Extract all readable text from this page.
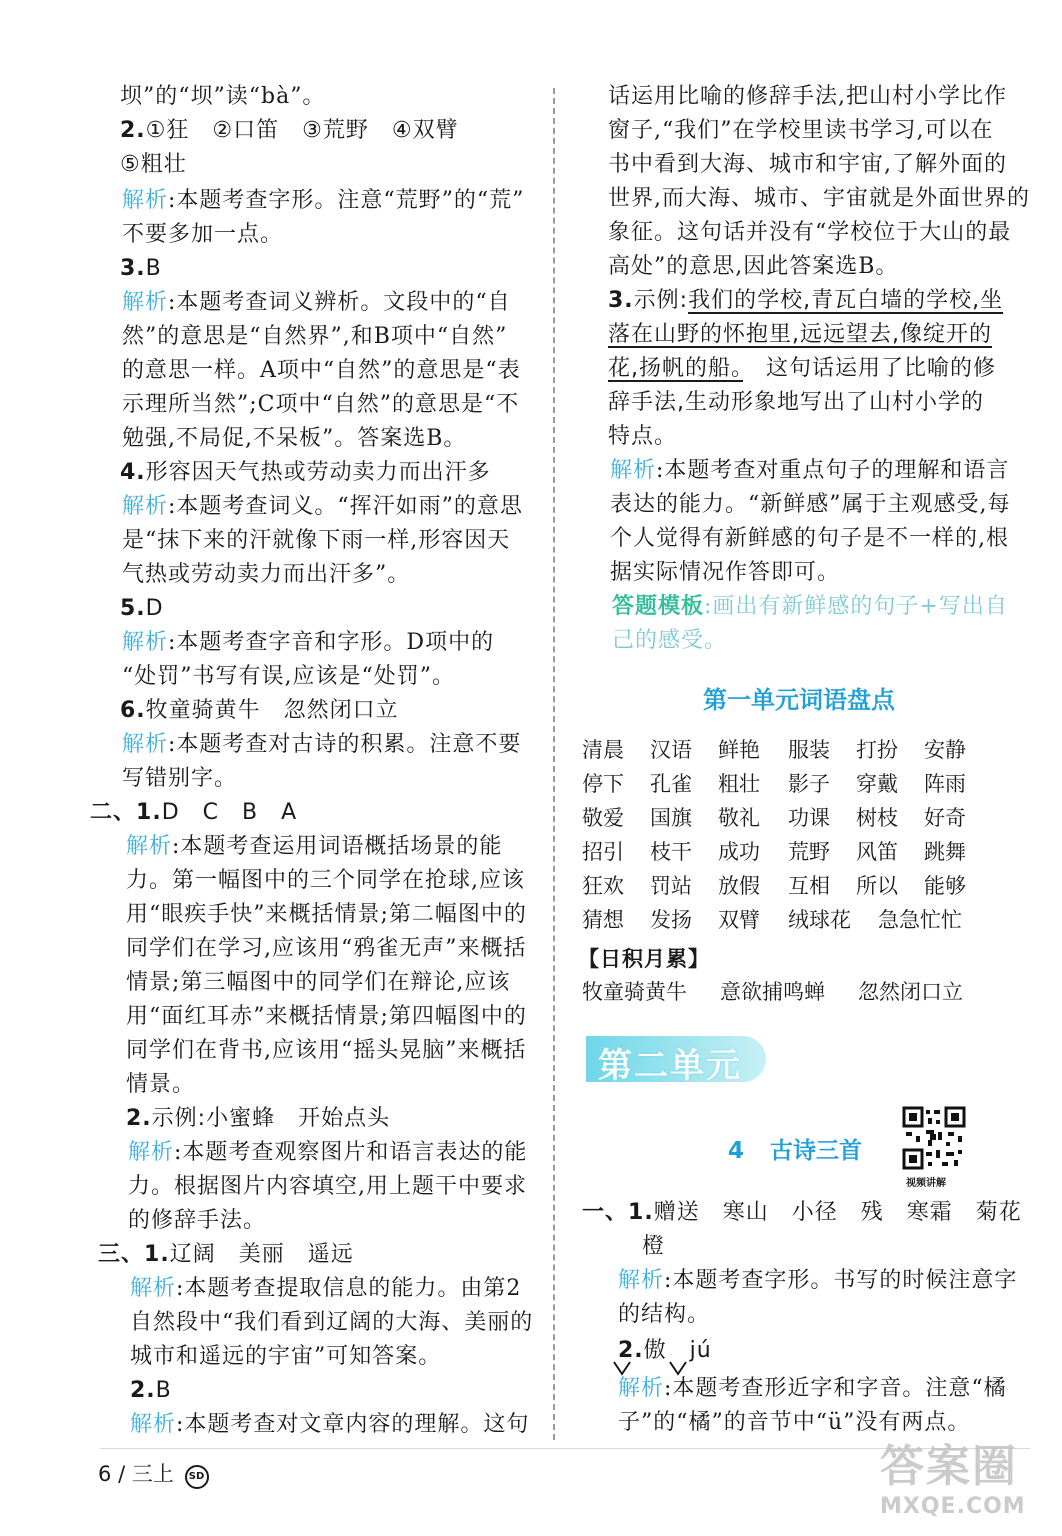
坝”的“坝”读“bà”。
2.①狂　②口笛　③荒野　④双臂
⑤粗壮
解析:本题考查字形。注意“荒野”的“荒”
不要多加一点。
3.B
解析:本题考查词义辨析。文段中的“自
然”的意思是“自然界”,和B项中“自然”
的意思一样。A项中“自然”的意思是“表
示理所当然”;C项中“自然”的意思是“不
勉强,不局促,不呆板”。答案选B。
4.形容因天气热或劳动卖力而出汗多
解析:本题考查词义。“挥汗如雨”的意思
是“抹下来的汗就像下雨一样,形容因天
气热或劳动卖力而出汗多”。
5.D
解析:本题考查字音和字形。D项中的
“处罚”书写有误,应该是“处罚”。
6.牧童骑黄牛　忽然闭口立
解析:本题考查对古诗的积累。注意不要
写错别字。
二、1.D　C　B　A
解析:本题考查运用词语概括场景的能
力。第一幅图中的三个同学在抢球,应该
用“眼疾手快”来概括情景;第二幅图中的
同学们在学习,应该用“鸦雀无声”来概括
情景;第三幅图中的同学们在辩论,应该
用“面红耳赤”来概括情景;第四幅图中的
同学们在背书,应该用“摇头晃脑”来概括
情景。
2.示例:小蜜蜂　开始点头
解析:本题考查观察图片和语言表达的能
力。根据图片内容填空,用上题干中要求
的修辞手法。
三、1.辽阔　美丽　遥远
解析:本题考查提取信息的能力。由第2
自然段中“我们看到辽阔的大海、美丽的
城市和遥远的宇宙”可知答案。
2.B
解析:本题考查对文章内容的理解。这句
话运用比喻的修辞手法,把山村小学比作
窗子,“我们”在学校里读书学习,可以在
书中看到大海、城市和宇宙,了解外面的
世界,而大海、城市、宇宙就是外面世界的
象征。这句话并没有“学校位于大山的最
高处”的意思,因此答案选B。
3.示例:我们的学校,青瓦白墙的学校,坐
落在山野的怀抱里,远远望去,像绽开的
花,扬帆的船。　这句话运用了比喻的修
辞手法,生动形象地写出了山村小学的
特点。
解析:本题考查对重点句子的理解和语言
表达的能力。“新鲜感”属于主观感受,每
个人觉得有新鲜感的句子是不一样的,根
据实际情况作答即可。
答题模板:画出有新鲜感的句子+写出自
己的感受。
第一单元词语盘点
清晨 汉语 鲜艳 服装 打扮 安静
停下 孔雀 粗壮 影子 穿戴 阵雨
敬爱 国旗 敬礼 功课 树枝 好奇
招引 枝干 成功 荒野 风笛 跳舞
狂欢 罚站 放假 互相 所以 能够
猜想 发扬 双臂 绒球花 急急忙忙
【日积月累】
牧童骑黄牛 意欲捕鸣蝉 忽然闭口立
第二单元
4 古诗三首
视频讲解
一、1.赠送　寒山　小径　残　寒霜　菊花
橙
解析:本题考查字形。书写的时候注意字
的结构。
2.傲　jú
解析:本题考查形近字和字音。注意“橘
子”的“橘”的音节中“ü”没有两点。
6 / 三上 SD	答案圈
MXQE.COM
